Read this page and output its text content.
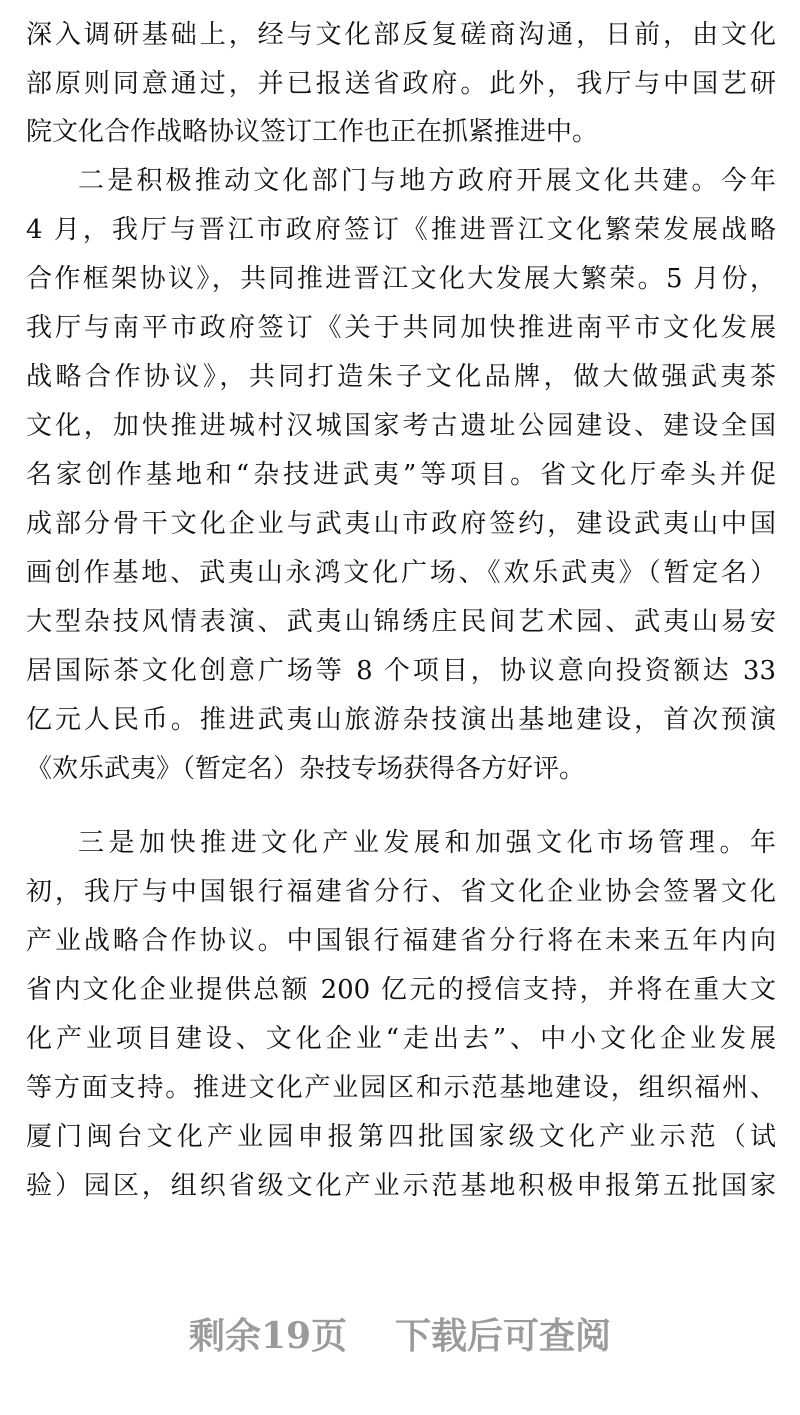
深入调研基础上，经与文化部反复磋商沟通，日前，由文化
部原则同意通过，并已报送省政府。此外，我厅与中国艺研
院文化合作战略协议签订工作也正在抓紧推进中。
二是积极推动文化部门与地方政府开展文化共建。今年
4 月，我厅与晋江市政府签订《推进晋江文化繁荣发展战略
合作框架协议》，共同推进晋江文化大发展大繁荣。5 月份，
我厅与南平市政府签订《关于共同加快推进南平市文化发展
战略合作协议》，共同打造朱子文化品牌，做大做强武夷茶
文化，加快推进城村汉城国家考古遗址公园建设、建设全国
名家创作基地和“杂技进武夷”等项目。省文化厅牵头并促
成部分骨干文化企业与武夷山市政府签约，建设武夷山中国
画创作基地、武夷山永鸿文化广场、《欢乐武夷》（暂定名）
大型杂技风情表演、武夷山锦绣庄民间艺术园、武夷山易安
居国际茶文化创意广场等 8 个项目，协议意向投资额达 33
亿元人民币。推进武夷山旅游杂技演出基地建设，首次预演
《欢乐武夷》（暂定名）杂技专场获得各方好评。
三是加快推进文化产业发展和加强文化市场管理。年
初，我厅与中国银行福建省分行、省文化企业协会签署文化
产业战略合作协议。中国银行福建省分行将在未来五年内向
省内文化企业提供总额 200 亿元的授信支持，并将在重大文
化产业项目建设、文化企业“走出去”、中小文化企业发展
等方面支持。推进文化产业园区和示范基地建设，组织福州、
厦门闽台文化产业园申报第四批国家级文化产业示范（试
验）园区，组织省级文化产业示范基地积极申报第五批国家
剩余19页 下载后可查阅
